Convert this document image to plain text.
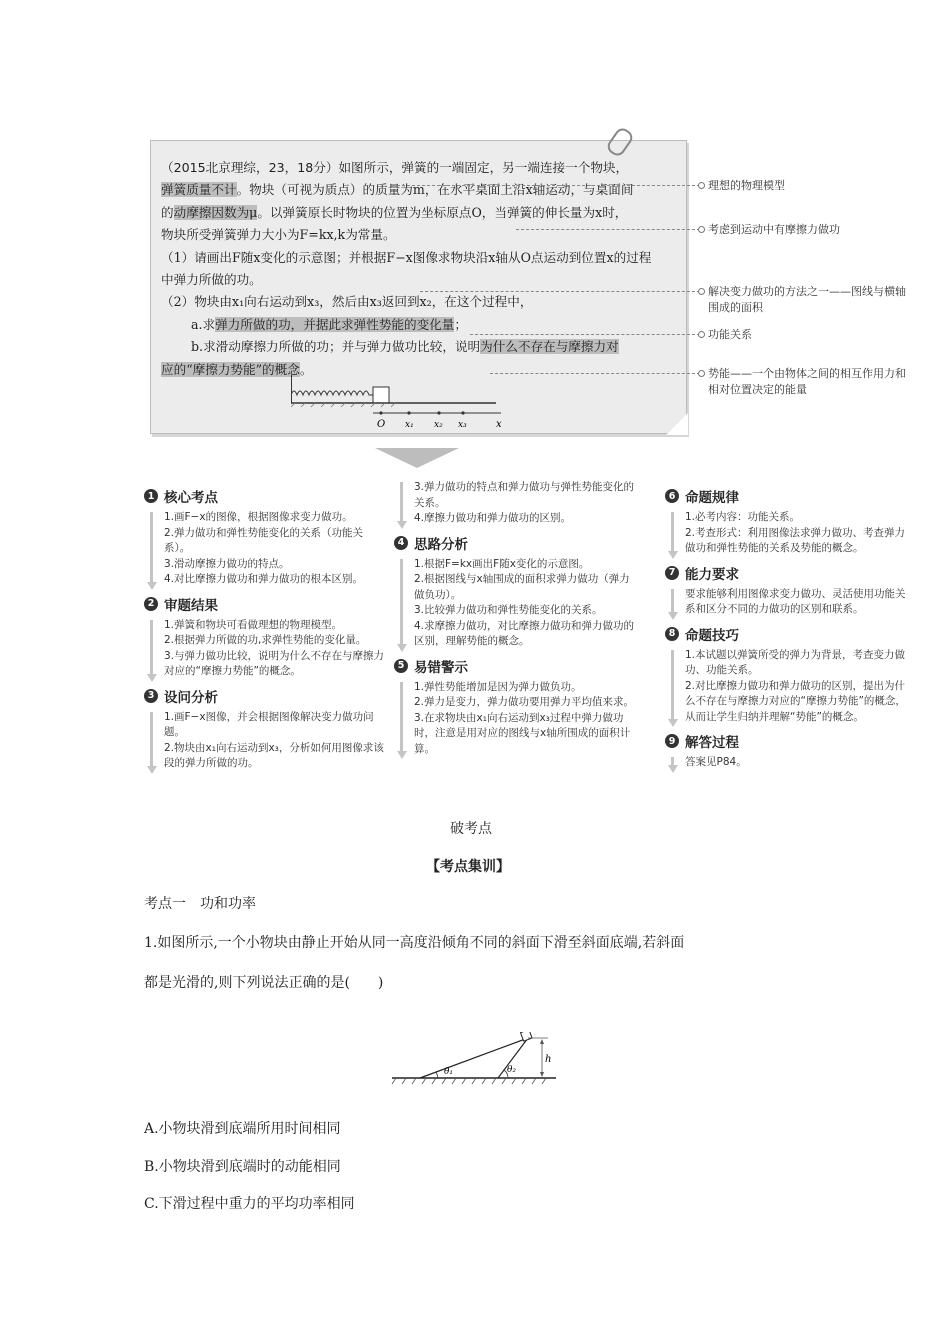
（2015北京理综，23，18分）如图所示，弹簧的一端固定，另一端连接一个物块，

弹簧质量不计。物块（可视为质点）的质量为m，在水平桌面上沿x轴运动，与桌面间

的动摩擦因数为μ。以弹簧原长时物块的位置为坐标原点O，当弹簧的伸长量为x时，

物块所受弹簧弹力大小为F=kx,k为常量。

（1）请画出F随x变化的示意图；并根据F−x图像求物块沿x轴从O点运动到位置x的过程

中弹力所做的功。

（2）物块由x₁向右运动到x₃，然后由x₃返回到x₂，在这个过程中，

a.求弹力所做的功，并据此求弹性势能的变化量；

b.求滑动摩擦力所做的功；并与弹力做功比较，说明为什么不存在与摩擦力对

应的“摩擦力势能”的概念。

O x₁ x₂ x₃	x
理想的物理模型
考虑到运动中有摩擦力做功
解决变力做功的方法之一——图线与横轴围成的面积
功能关系
势能——一个由物体之间的相互作用力和相对位置决定的能量
1 核心考点

1.画F−x的图像，根据图像求变力做功。

2.弹力做功和弹性势能变化的关系（功能关系）。

3.滑动摩擦力做功的特点。

4.对比摩擦力做功和弹力做功的根本区别。

2 审题结果

1.弹簧和物块可看做理想的物理模型。

2.根据弹力所做的功,求弹性势能的变化量。

3.与弹力做功比较，说明为什么不存在与摩擦力对应的“摩擦力势能”的概念。

3 设问分析

1.画F−x图像，并会根据图像解决变力做功问题。

2.物块由x₁向右运动到x₃，分析如何用图像求该段的弹力所做的功。

3.弹力做功的特点和弹力做功与弹性势能变化的关系。

4.摩擦力做功和弹力做功的区别。

4 思路分析

1.根据F=kx画出F随x变化的示意图。

2.根据图线与x轴围成的面积求弹力做功（弹力做负功）。

3.比较弹力做功和弹性势能变化的关系。

4.求摩擦力做功，对比摩擦力做功和弹力做功的区别，理解势能的概念。

5 易错警示

1.弹性势能增加是因为弹力做负功。

2.弹力是变力，弹力做功要用弹力平均值来求。

3.在求物块由x₁向右运动到x₃过程中弹力做功时，注意是用对应的图线与x轴所围成的面积计算。

6 命题规律

1.必考内容：功能关系。

2.考查形式：利用图像法求弹力做功、考查弹力做功和弹性势能的关系及势能的概念。

7 能力要求

要求能够利用图像求变力做功、灵活使用功能关系和区分不同的力做功的区别和联系。

8 命题技巧

1.本试题以弹簧所受的弹力为背景，考查变力做功、功能关系。

2.对比摩擦力做功和弹力做功的区别，提出为什么不存在与摩擦力对应的“摩擦力势能”的概念，从而让学生归纳并理解“势能”的概念。

9 解答过程

答案见P84。

破考点
【考点集训】
考点一　功和功率
1.如图所示,一个小物块由静止开始从同一高度沿倾角不同的斜面下滑至斜面底端,若斜面
都是光滑的,则下列说法正确的是(　　)
θ₁	θ₂
h
A.小物块滑到底端所用时间相同
B.小物块滑到底端时的动能相同
C.下滑过程中重力的平均功率相同
